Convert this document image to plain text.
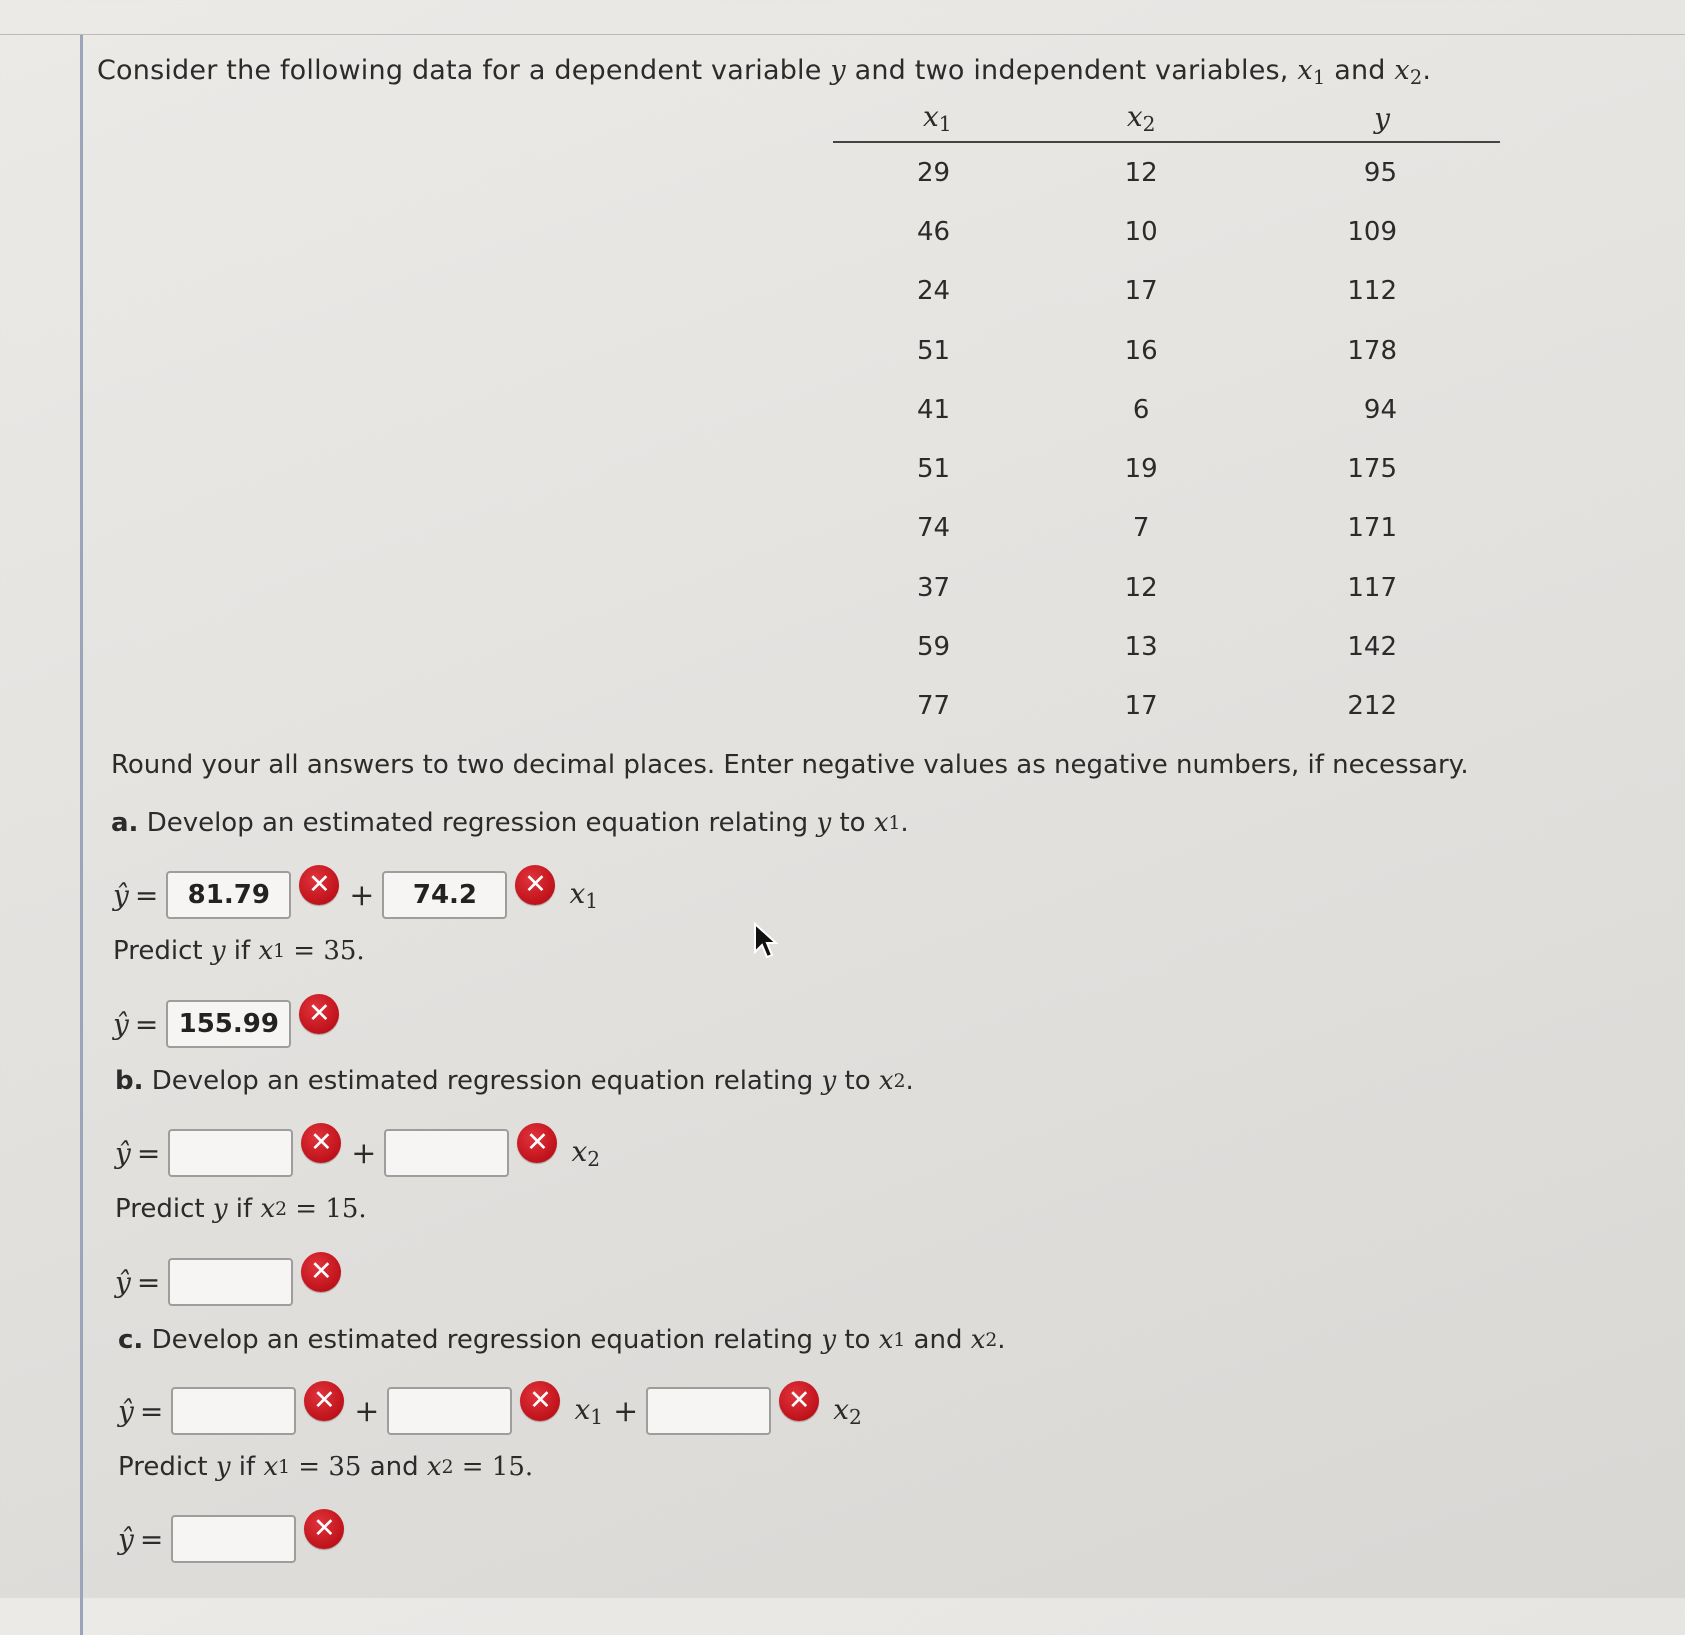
Consider the following data for a dependent variable y and two independent variables, $x_1$ and $x_2$.
$x_1$	$x_2$	y
29	12	95
46	10	109
24	17	112
51	16	178
41	6	94
51	19	175
74	7	171
37	12	117
59	13	142
77	17	212
Round your all answers to two decimal places. Enter negative values as negative numbers, if necessary.
a.
Develop an estimated regression equation relating
y
to
x 1 .
ŷ =	81.79	✕ +	74.2	✕ $x_1$
Predict
y
if
x 1
= 35.
ŷ = 155.99	✕
b.
Develop an estimated regression equation relating
y
to
x 2 .
ŷ =	✕ +	✕ $x_2$
Predict
y
if
x 2
= 15.
ŷ =	✕
c.
Develop an estimated regression equation relating
y
to
x 1
and
x 2 .
ŷ =	✕ +	✕ $x_1$ +	✕ $x_2$
Predict
y
if
x 1
= 35
and
x 2
= 15.
ŷ =	✕
